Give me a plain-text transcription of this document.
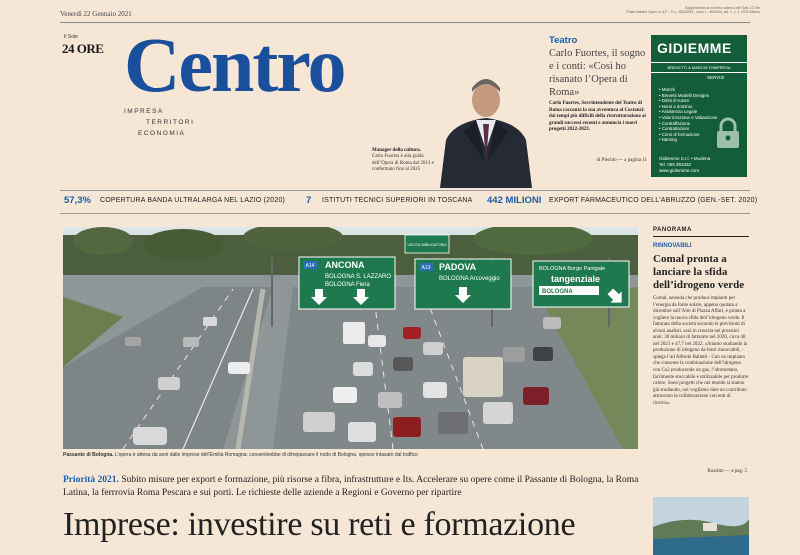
Venerdì 22 Gennaio 2021
Supplemento al numero odierno del Sole 24 Ore
Poste italiane Sped. in A.P. - D.L. 353/2003 - conv. L. 46/2004, art. 1, c. 1, DCB Milano
Il Sole
24 ORE Centro
IMPRESA
TERRITORI
ECONOMIA
Manager della cultura.
Carlo Fuortes è alla guida dell’Opera di Roma dal 2013 e confermato fino al 2025
Teatro
Carlo Fuortes, il sogno e i conti: «Così ho risanato l’Opera di Roma»
Carlo Fuortes, Sovrintendente del Teatro di Roma racconta la sua avventura al Costanzi: dai tempi più difficili della ristrutturazione ai grandi successi recenti e annuncia i nuovi progetti 2022-2023.
di Plechio — a pagina 11
GIDIEMME
BREVETTI & MARCHI D’IMPRESA
SERVIZI
• Marchi
• Brevetti Modelli Designs
• Diritti d’Autore
• Nomi a dominio
• Assistenza Legale
• Valorizzazione e Valutazione
• Contraffazione
• Contrattazioni
• Corsi di formazione
• Naming
Gidiemme S.r.l. • Modena
Tel. 059 353332
www.gidiemme.com
57,3% COPERTURA BANDA ULTRALARGA NEL LAZIO (2020) 7 ISTITUTI TECNICI SUPERIORI IN TOSCANA 442 MILIONI EXPORT FARMACEUTICO DELL’ABRUZZO (GEN.-SET. 2020)
USCITA OBBLIGATORIA
A14 ANCONA
BOLOGNA S. LAZZARO
BOLOGNA Fiera
A13 PADOVA
BOLOGNA Arcoveggio
BOLOGNA Borgo Panigale
tangenziale
BOLOGNA
Passante di Bologna. L’opera è attesa da anni dalle imprese dell’Emilia Romagna: consentirebbe di oltrepassare il nodo di Bologna, spesso intasato dal traffico
Priorità 2021. Subito misure per export e formazione, più risorse a fibra, infrastrutture e Its. Accelerare su opere come il Passante di Bologna, la Roma Latina, la ferrrovia Roma Pescara e sui porti. Le richieste delle aziende a Regioni e Governo per ripartire
Imprese: investire su reti e formazione
PANORAMA
RINNOVABILI
Comal pronta a lanciare la sfida dell’idrogeno verde
Comal, azienda che produce impianti per l’energia da fonte solare, appena quotata a dicembre sull’Aim di Piazza Affari, è pronta a cogliere la nuova sfida dell’idrogeno verde. Il fatturato della società secondo le previsioni di alcuni analisti, sarà in crescita nei prossimi anni: 30 milioni di fatturato nel 2020, circa 40 nel 2021 e 47,7 nel 2022. «Stiamo studiando la produzione di idrogeno da fonti rinnovabili, - spiega l’ad Alfredo Balletti - Con un impianto che consente la combinazione dell’idrogeno con Co2 producendo un gas, l’idrometano, facilmente stoccabile e utilizzabile per produrre calore. Sono progetti che nel mondo si stanno già studiando, noi vogliamo dare un contributo attraverso la collaborazione con enti di ricerca».
Rossitto — a pag. 5
